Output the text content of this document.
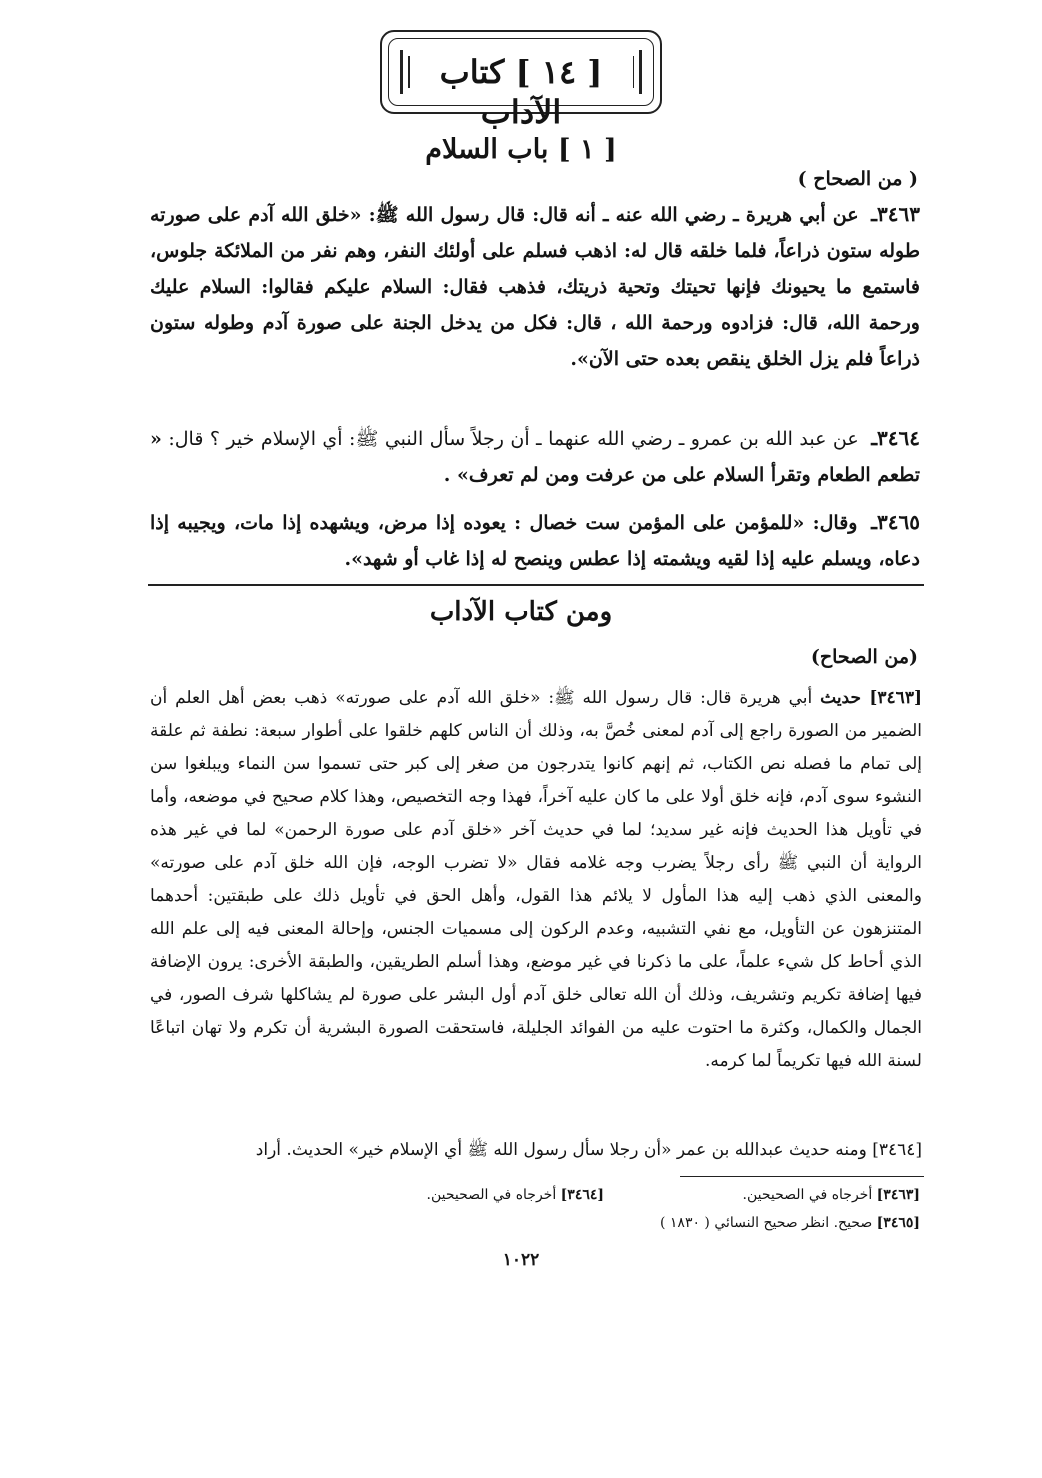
[ ١٤ ] كتاب الآداب
[ ١ ] باب السلام
( من الصحاح )

٣٤٦٣ـ عن أبي هريرة ـ رضي الله عنه ـ أنه قال: قال رسول الله ﷺ: «خلق الله آدم على صورته طوله ستون ذراعاً، فلما خلقه قال له: اذهب فسلم على أولئك النفر، وهم نفر من الملائكة جلوس، فاستمع ما يحيونك فإنها تحيتك وتحية ذريتك، فذهب فقال: السلام عليكم فقالوا: السلام عليك ورحمة الله، قال: فزادوه ورحمة الله ، قال: فكل من يدخل الجنة على صورة آدم وطوله ستون ذراعاً فلم يزل الخلق ينقص بعده حتى الآن».

٣٤٦٤ـ عن عبد الله بن عمرو ـ رضي الله عنهما ـ أن رجلاً سأل النبي ﷺ: أي الإسلام خير ؟ قال: « تطعم الطعام وتقرأ السلام على من عرفت ومن لم تعرف» .

٣٤٦٥ـ وقال: «للمؤمن على المؤمن ست خصال : يعوده إذا مرض، ويشهده إذا مات، ويجيبه إذا دعاه، ويسلم عليه إذا لقيه ويشمته إذا عطس وينصح له إذا غاب أو شهد».

ومن كتاب الآداب
(من الصحاح)

[٣٤٦٣] حديث أبي هريرة قال: قال رسول الله ﷺ: «خلق الله آدم على صورته» ذهب بعض أهل العلم أن الضمير من الصورة راجع إلى آدم لمعنى خُصَّ به، وذلك أن الناس كلهم خلقوا على أطوار سبعة: نطفة ثم علقة إلى تمام ما فصله نص الكتاب، ثم إنهم كانوا يتدرجون من صغر إلى كبر حتى تسموا سن النماء ويبلغوا سن النشوء سوى آدم، فإنه خلق أولا على ما كان عليه آخراً، فهذا وجه التخصيص، وهذا كلام صحيح في موضعه، وأما في تأويل هذا الحديث فإنه غير سديد؛ لما في حديث آخر «خلق آدم على صورة الرحمن» لما في غير هذه الرواية أن النبي ﷺ رأى رجلاً يضرب وجه غلامه فقال «لا تضرب الوجه، فإن الله خلق آدم على صورته» والمعنى الذي ذهب إليه هذا المأول لا يلائم هذا القول، وأهل الحق في تأويل ذلك على طبقتين: أحدهما المتنزهون عن التأويل، مع نفي التشبيه، وعدم الركون إلى مسميات الجنس، وإحالة المعنى فيه إلى علم الله الذي أحاط كل شيء علماً، على ما ذكرنا في غير موضع، وهذا أسلم الطريقين، والطبقة الأخرى: يرون الإضافة فيها إضافة تكريم وتشريف، وذلك أن الله تعالى خلق آدم أول البشر على صورة لم يشاكلها شرف الصور، في الجمال والكمال، وكثرة ما احتوت عليه من الفوائد الجليلة، فاستحقت الصورة البشرية أن تكرم ولا تهان اتباعًا لسنة الله فيها تكريماً لما كرمه.

[٣٤٦٤] ومنه حديث عبدالله بن عمر «أن رجلا سأل رسول الله ﷺ أي الإسلام خير» الحديث. أراد

[٣٤٦٣] أخرجاه في الصحيحين.
[٣٤٦٤] أخرجاه في الصحيحين.
[٣٤٦٥] صحيح. انظر صحيح النسائي ( ١٨٣٠ )
١٠٢٢
